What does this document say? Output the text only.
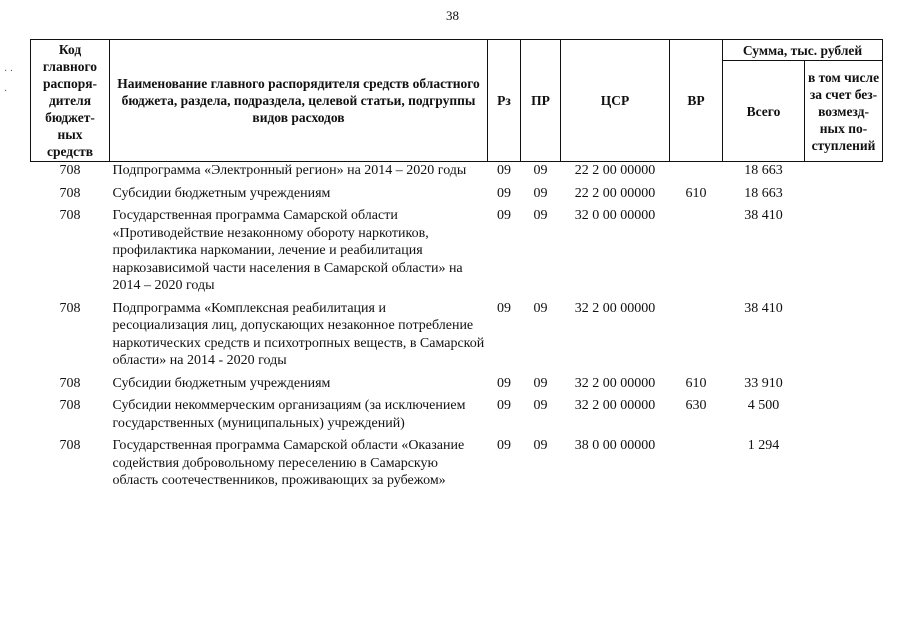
38
· ·
·
Код главного распоря-дителя бюджет-ных средств	Наименование главного распорядителя средств областного бюджета, раздела, подраздела, целевой статьи, подгруппы видов расходов	Рз	ПР	ЦСР	ВР	Сумма, тыс. рублей	
						Всего	в том числе за счет без-возмезд-ных по-ступлений
708	Подпрограмма «Электронный регион» на 2014 – 2020 годы	09	09	22 2 00 00000		18 663	
708	Субсидии бюджетным учреждениям	09	09	22 2 00 00000	610	18 663	
708	Государственная программа Самарской области «Противодействие незаконному обороту наркотиков, профилактика наркомании, лечение и реабилитация наркозависимой части населения в Самарской области» на 2014 – 2020 годы	09	09	32 0 00 00000		38 410	
708	Подпрограмма «Комплексная реабилитация и ресоциализация лиц, допускающих незаконное потребление наркотических средств и психотропных веществ, в Самарской области» на 2014 - 2020 годы	09	09	32 2 00 00000		38 410	
708	Субсидии бюджетным учреждениям	09	09	32 2 00 00000	610	33 910	
708	Субсидии некоммерческим организациям (за исключением государственных (муниципальных) учреждений)	09	09	32 2 00 00000	630	4 500	
708	Государственная программа Самарской области «Оказание содействия добровольному переселению в Самарскую область соотечественников, проживающих за рубежом»	09	09	38 0 00 00000		1 294	
